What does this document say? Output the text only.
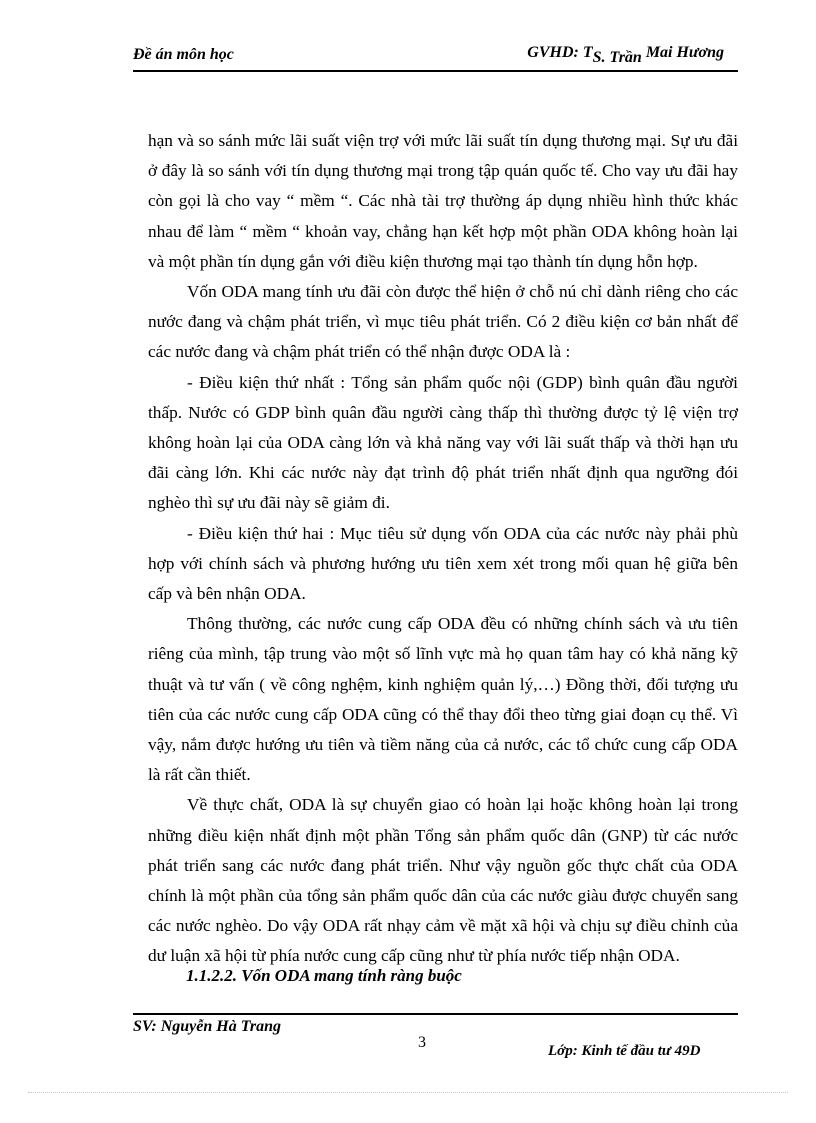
Đề án môn học	GVHD: TS. Trần Mai Hương

hạn và so sánh mức lãi suất viện trợ với mức lãi suất tín dụng thương mại. Sự ưu đãi ở đây là so sánh với tín dụng thương mại trong tập quán quốc tế. Cho vay ưu đãi hay còn gọi là cho vay “ mềm “. Các nhà tài trợ thường áp dụng nhiều hình thức khác nhau để làm “ mềm “ khoản vay, chẳng hạn kết hợp một phần ODA không hoàn lại và một phần tín dụng gắn với điều kiện thương mại tạo thành tín dụng hỗn hợp.

Vốn ODA mang tính ưu đãi còn được thể hiện ở chỗ nú chỉ dành riêng cho các nước đang và chậm phát triển, vì mục tiêu phát triển. Có 2 điều kiện cơ bản nhất để các nước đang và chậm phát triển có thể nhận được ODA là :

- Điều kiện thứ nhất : Tổng sản phẩm quốc nội (GDP) bình quân đầu người thấp. Nước có GDP bình quân đầu người càng thấp thì thường được tỷ lệ viện trợ không hoàn lại của ODA càng lớn và khả năng vay với lãi suất thấp và thời hạn ưu đãi càng lớn. Khi các nước này đạt trình độ phát triển nhất định qua ngưỡng đói nghèo thì sự ưu đãi này sẽ giảm đi.

- Điều kiện thứ hai : Mục tiêu sử dụng vốn ODA của các nước này phải phù hợp với chính sách và phương hướng ưu tiên xem xét trong mối quan hệ giữa bên cấp và bên nhận ODA.

Thông thường, các nước cung cấp ODA đều có những chính sách và ưu tiên riêng của mình, tập trung vào một số lĩnh vực mà họ quan tâm hay có khả năng kỹ thuật và tư vấn ( về công nghệm, kinh nghiệm quản lý,…) Đồng thời, đối tượng ưu tiên của các nước cung cấp ODA cũng có thể thay đổi theo từng giai đoạn cụ thể. Vì vậy, nắm được hướng ưu tiên và tiềm năng của cả nước, các tổ chức cung cấp ODA là rất cần thiết.

Về thực chất, ODA là sự chuyển giao có hoàn lại hoặc không hoàn lại trong những điều kiện nhất định một phần Tổng sản phẩm quốc dân (GNP) từ các nước phát triển sang các nước đang phát triển. Như vậy nguồn gốc thực chất của ODA chính là một phần của tổng sản phẩm quốc dân của các nước giàu được chuyển sang các nước nghèo. Do vậy ODA rất nhạy cảm về mặt xã hội và chịu sự điều chỉnh của dư luận xã hội từ phía nước cung cấp cũng như từ phía nước tiếp nhận ODA.

1.1.2.2. Vốn ODA mang tính ràng buộc
SV: Nguyễn Hà Trang
3	Lớp: Kinh tế đầu tư 49D
